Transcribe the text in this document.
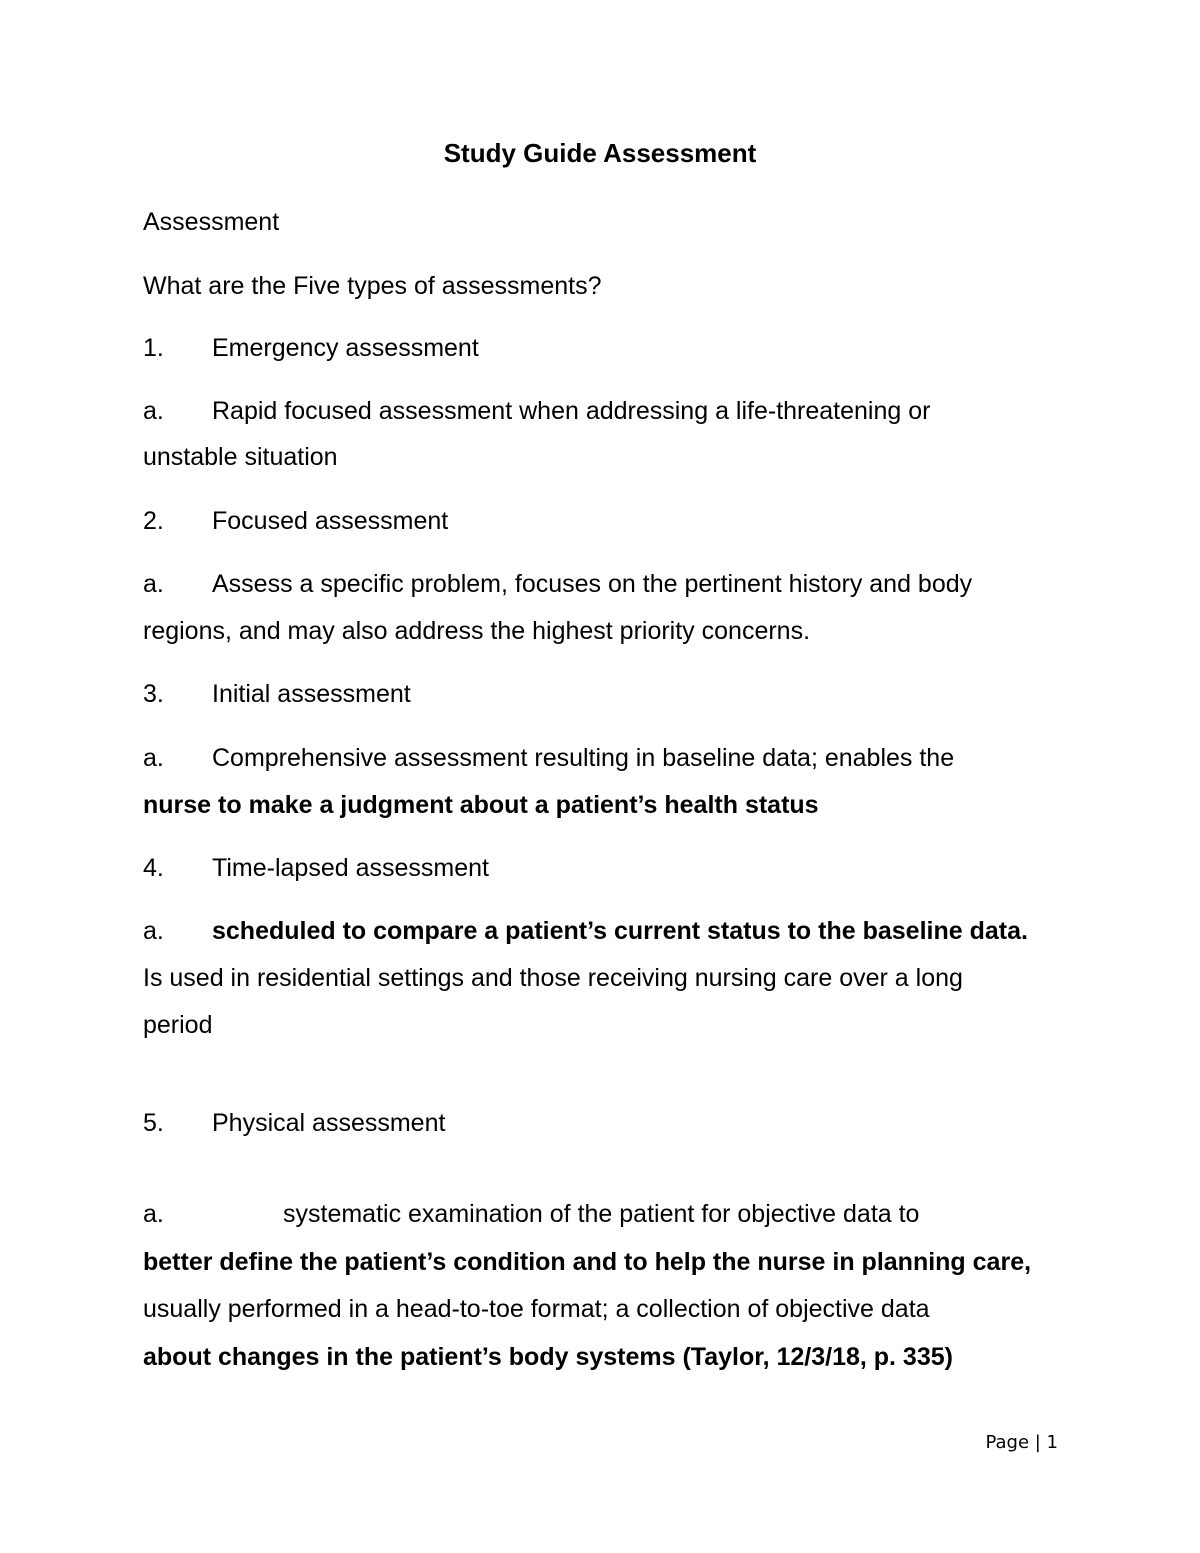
Study Guide Assessment
Assessment
What are the Five types of assessments?
1. Emergency assessment
a. Rapid focused assessment when addressing a life-threatening or
unstable situation
2. Focused assessment
a. Assess a specific problem, focuses on the pertinent history and body
regions, and may also address the highest priority concerns.
3. Initial assessment
a. Comprehensive assessment resulting in baseline data; enables the
nurse to make a judgment about a patient’s health status
4. Time-lapsed assessment
a. scheduled to compare a patient’s current status to the baseline data.
Is used in residential settings and those receiving nursing care over a long
period
5. Physical assessment
a.	systematic examination of the patient for objective data to
better define the patient’s condition and to help the nurse in planning care,
usually performed in a head-to-toe format; a collection of objective data
about changes in the patient’s body systems (Taylor, 12/3/18, p. 335)
Page | 1
